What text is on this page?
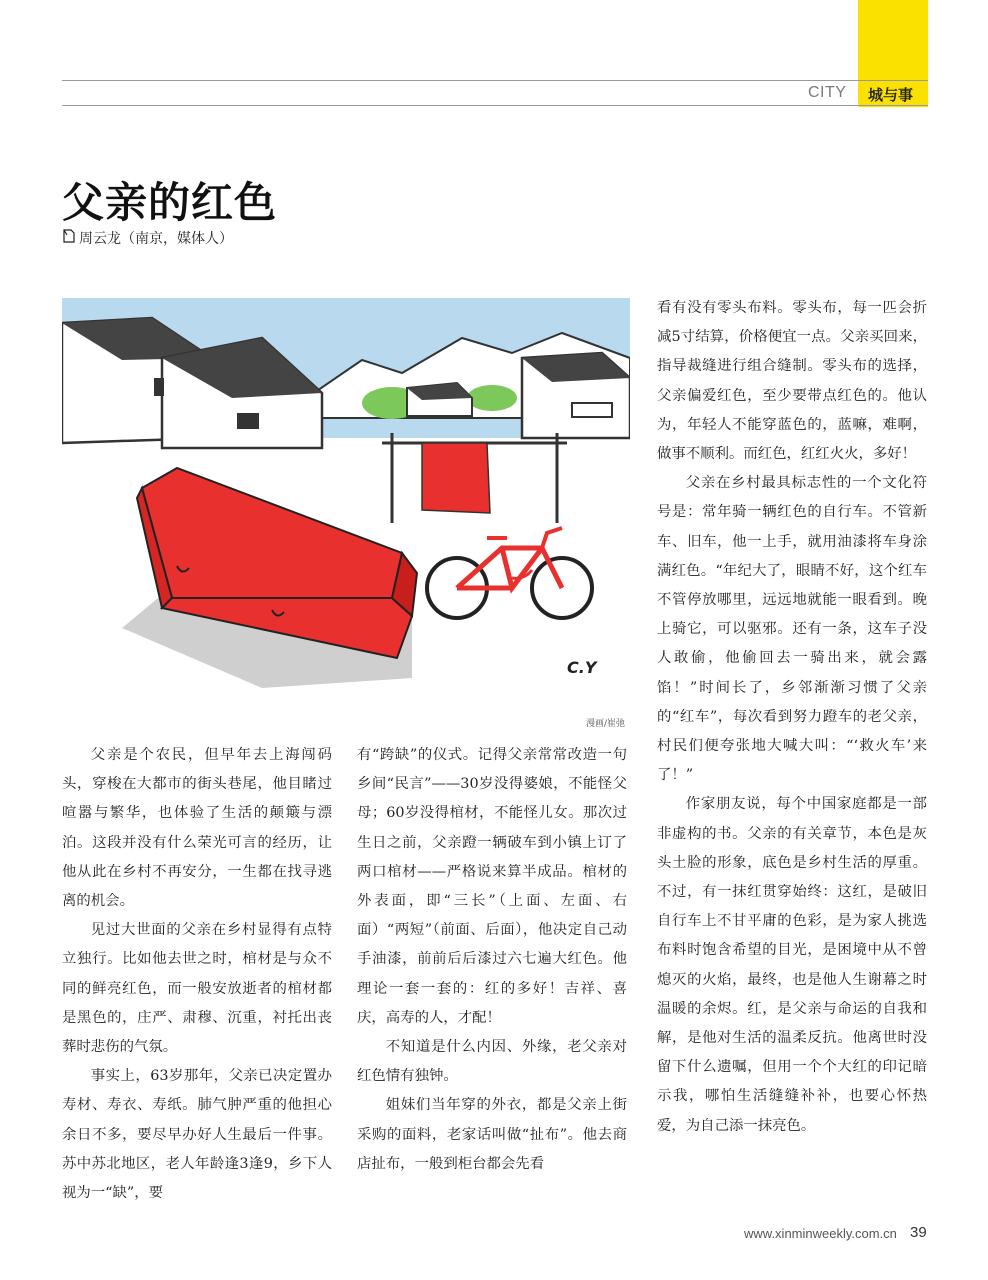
CITY 城与事
父亲的红色
周云龙（南京，媒体人）
C.Y
漫画/崔弛

父亲是个农民，但早年去上海闯码头，穿梭在大都市的街头巷尾，他目睹过喧嚣与繁华，也体验了生活的颠簸与漂泊。这段并没有什么荣光可言的经历，让他从此在乡村不再安分，一生都在找寻逃离的机会。

见过大世面的父亲在乡村显得有点特立独行。比如他去世之时，棺材是与众不同的鲜亮红色，而一般安放逝者的棺材都是黑色的，庄严、肃穆、沉重，衬托出丧葬时悲伤的气氛。

事实上，63岁那年，父亲已决定置办寿材、寿衣、寿纸。肺气肿严重的他担心余日不多，要尽早办好人生最后一件事。苏中苏北地区，老人年龄逢3逢9，乡下人视为一“缺”，要

有“跨缺”的仪式。记得父亲常常改造一句乡间“民言”——30岁没得婆娘，不能怪父母；60岁没得棺材，不能怪儿女。那次过生日之前，父亲蹬一辆破车到小镇上订了两口棺材——严格说来算半成品。棺材的外表面，即“三长”（上面、左面、右面）“两短”（前面、后面），他决定自己动手油漆，前前后后漆过六七遍大红色。他理论一套一套的：红的多好！吉祥、喜庆，高寿的人，才配！

不知道是什么内因、外缘，老父亲对红色情有独钟。

姐妹们当年穿的外衣，都是父亲上街采购的面料，老家话叫做“扯布”。他去商店扯布，一般到柜台都会先看

看有没有零头布料。零头布，每一匹会折减5寸结算，价格便宜一点。父亲买回来，指导裁缝进行组合缝制。零头布的选择，父亲偏爱红色，至少要带点红色的。他认为，年轻人不能穿蓝色的，蓝嘛，难啊，做事不顺利。而红色，红红火火，多好！

父亲在乡村最具标志性的一个文化符号是：常年骑一辆红色的自行车。不管新车、旧车，他一上手，就用油漆将车身涂满红色。“年纪大了，眼睛不好，这个红车不管停放哪里，远远地就能一眼看到。晚上骑它，可以驱邪。还有一条，这车子没人敢偷，他偷回去一骑出来，就会露馅！”时间长了，乡邻渐渐习惯了父亲的“红车”，每次看到努力蹬车的老父亲，村民们便夸张地大喊大叫：“‘救火车’来了！”

作家朋友说，每个中国家庭都是一部非虚构的书。父亲的有关章节，本色是灰头土脸的形象，底色是乡村生活的厚重。不过，有一抹红贯穿始终：这红，是破旧自行车上不甘平庸的色彩，是为家人挑选布料时饱含希望的目光，是困境中从不曾熄灭的火焰，最终，也是他人生谢幕之时温暖的余烬。红，是父亲与命运的自我和解，是他对生活的温柔反抗。他离世时没留下什么遗嘱，但用一个个大红的印记暗示我，哪怕生活缝缝补补，也要心怀热爱，为自己添一抹亮色。

www.xinminweekly.com.cn 39
